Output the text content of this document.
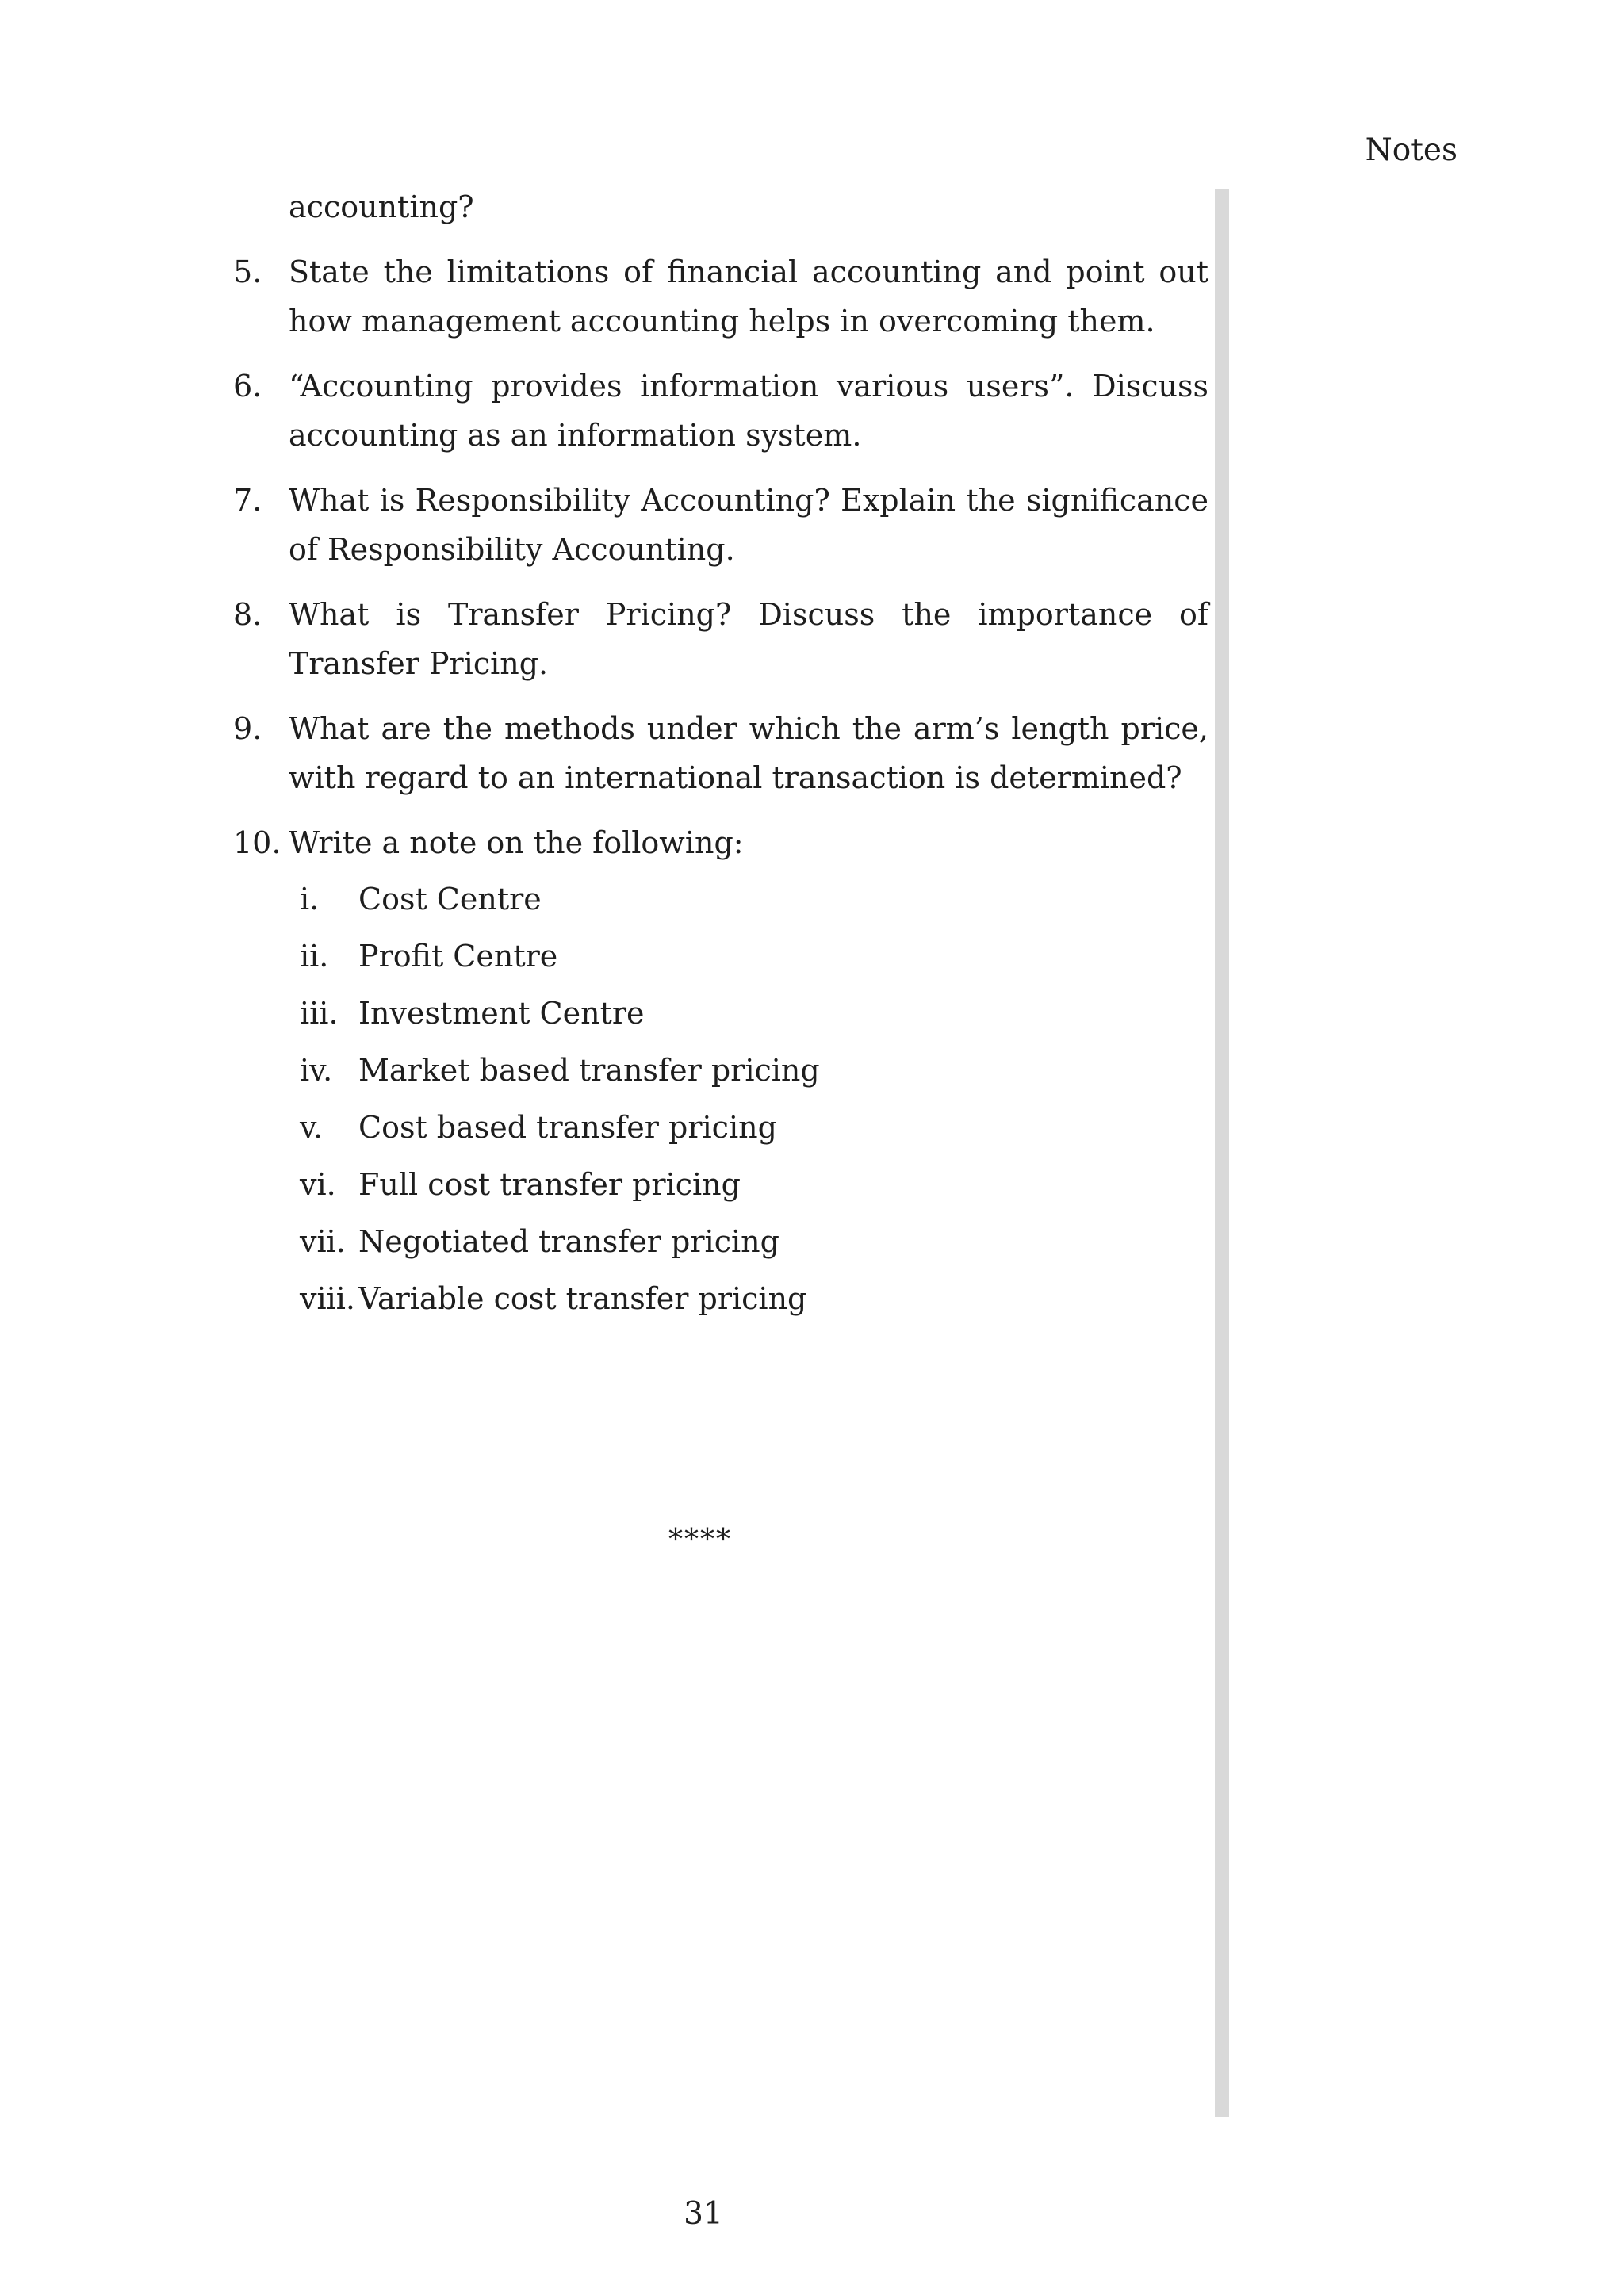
Notes
accounting?
5. State the limitations of financial accounting and point out how management accounting helps in overcoming them.
6. “Accounting provides information various users”. Discuss accounting as an information system.
7. What is Responsibility Accounting? Explain the significance of Responsibility Accounting.
8. What is Transfer Pricing? Discuss the importance of Transfer Pricing.
9. What are the methods under which the arm’s length price, with regard to an international transaction is determined?
10. Write a note on the following:
i.	Cost Centre
ii. Profit Centre
iii. Investment Centre
iv. Market based transfer pricing
v.	Cost based transfer pricing
vi. Full cost transfer pricing
vii. Negotiated transfer pricing
viii. Variable cost transfer pricing
****
31
